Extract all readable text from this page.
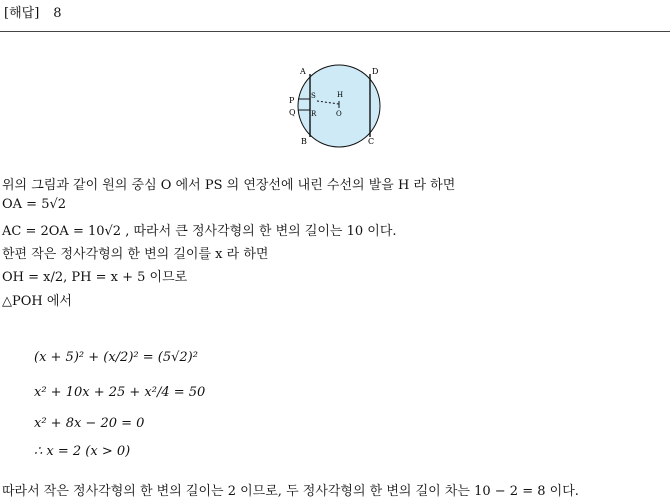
[해답] 8
A
B
D
C
P
Q
S
R
H
O
위의 그림과 같이 원의 중심 O 에서 PS 의 연장선에 내린 수선의 발을 H 라 하면
OA = 5√2
AC = 2OA = 10√2 , 따라서 큰 정사각형의 한 변의 길이는 10 이다.
한편 작은 정사각형의 한 변의 길이를 x 라 하면
OH = x/2, PH = x + 5 이므로
△POH 에서
(x + 5)² + (x/2)² = (5√2)²
x² + 10x + 25 + x²/4 = 50
x² + 8x − 20 = 0
∴ x = 2 (x > 0)
따라서 작은 정사각형의 한 변의 길이는 2 이므로, 두 정사각형의 한 변의 길이 차는 10 − 2 = 8 이다.
